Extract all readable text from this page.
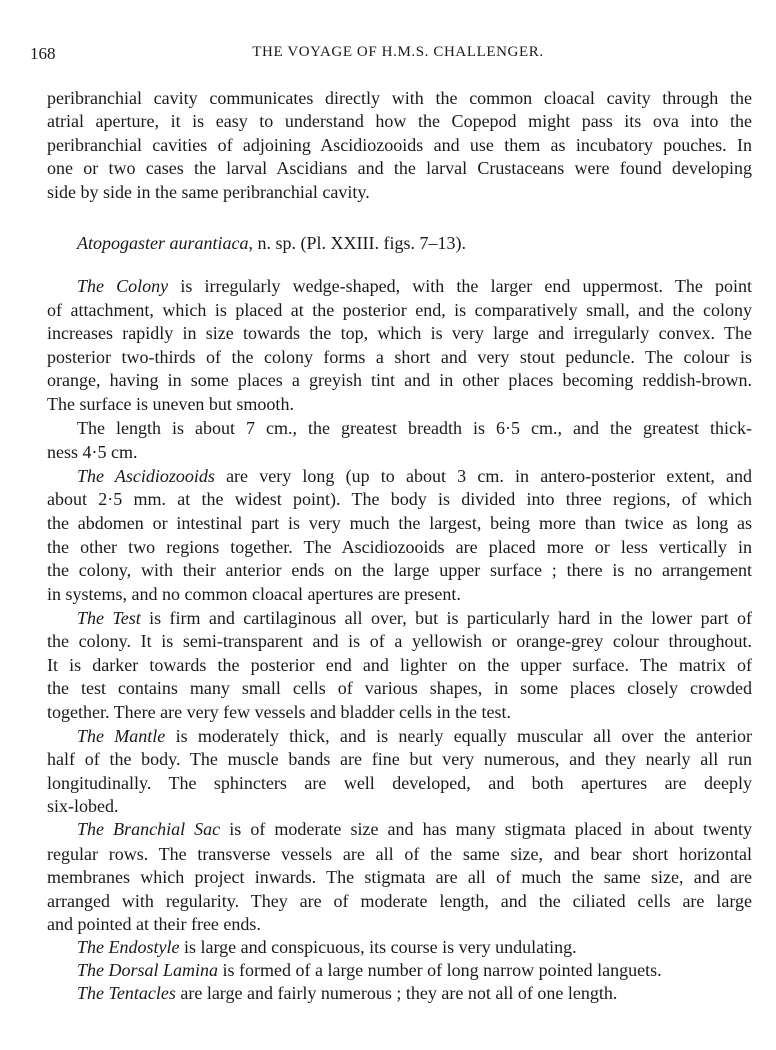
168	THE VOYAGE OF H.M.S. CHALLENGER.
peribranchial cavity communicates directly with the common cloacal cavity through the
atrial aperture, it is easy to understand how the Copepod might pass its ova into the
peribranchial cavities of adjoining Ascidiozooids and use them as incubatory pouches. In
one or two cases the larval Ascidians and the larval Crustaceans were found developing
side by side in the same peribranchial cavity.
Atopogaster aurantiaca, n. sp. (Pl. XXIII. figs. 7–13).
The Colony is irregularly wedge-shaped, with the larger end uppermost. The point
of attachment, which is placed at the posterior end, is comparatively small, and the colony
increases rapidly in size towards the top, which is very large and irregularly convex. The
posterior two-thirds of the colony forms a short and very stout peduncle. The colour is
orange, having in some places a greyish tint and in other places becoming reddish-brown.
The surface is uneven but smooth.
The length is about 7 cm., the greatest breadth is 6·5 cm., and the greatest thick-
ness 4·5 cm.
The Ascidiozooids are very long (up to about 3 cm. in antero-posterior extent, and
about 2·5 mm. at the widest point). The body is divided into three regions, of which
the abdomen or intestinal part is very much the largest, being more than twice as long as
the other two regions together. The Ascidiozooids are placed more or less vertically in
the colony, with their anterior ends on the large upper surface ; there is no arrangement
in systems, and no common cloacal apertures are present.
The Test is firm and cartilaginous all over, but is particularly hard in the lower part of
the colony. It is semi-transparent and is of a yellowish or orange-grey colour throughout.
It is darker towards the posterior end and lighter on the upper surface. The matrix of
the test contains many small cells of various shapes, in some places closely crowded
together. There are very few vessels and bladder cells in the test.
The Mantle is moderately thick, and is nearly equally muscular all over the anterior
half of the body. The muscle bands are fine but very numerous, and they nearly all run
longitudinally. The sphincters are well developed, and both apertures are deeply
six-lobed.
The Branchial Sac is of moderate size and has many stigmata placed in about twenty
regular rows. The transverse vessels are all of the same size, and bear short horizontal
membranes which project inwards. The stigmata are all of much the same size, and are
arranged with regularity. They are of moderate length, and the ciliated cells are large
and pointed at their free ends.
The Endostyle is large and conspicuous, its course is very undulating.
The Dorsal Lamina is formed of a large number of long narrow pointed languets.
The Tentacles are large and fairly numerous ; they are not all of one length.
